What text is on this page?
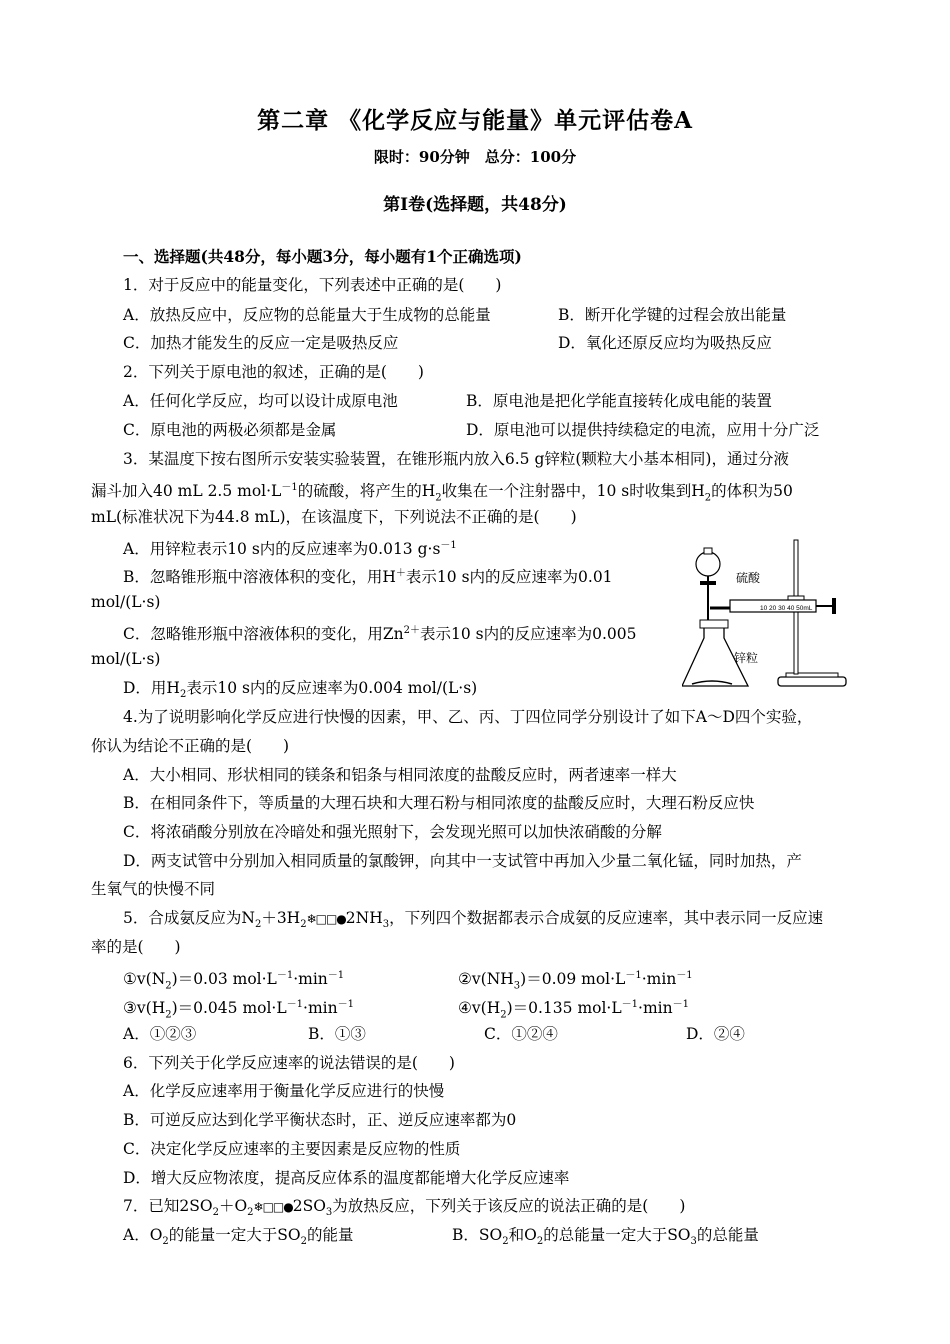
第二章 《化学反应与能量》单元评估卷A
限时：90分钟　总分：100分
第Ⅰ卷(选择题，共48分)
一、选择题(共48分，每小题3分，每小题有1个正确选项)
1．对于反应中的能量变化，下列表述中正确的是(　　)
A．放热反应中，反应物的总能量大于生成物的总能量	B．断开化学键的过程会放出能量
C．加热才能发生的反应一定是吸热反应	D．氧化还原反应均为吸热反应
2．下列关于原电池的叙述，正确的是(　　)
A．任何化学反应，均可以设计成原电池	B．原电池是把化学能直接转化成电能的装置
C．原电池的两极必须都是金属	D．原电池可以提供持续稳定的电流，应用十分广泛
3．某温度下按右图所示安装实验装置，在锥形瓶内放入6.5 g锌粒(颗粒大小基本相同)，通过分液
漏斗加入40 mL 2.5 $mol\cdot L^{-1}$的硫酸，将产生的$H_2$收集在一个注射器中，10 s时收集到$H_2$的体积为50
mL(标准状况下为44.8 mL)，在该温度下，下列说法不正确的是(　　)
A．用锌粒表示10 s内的反应速率为0.013 $g\cdot s^{-1}$
B．忽略锥形瓶中溶液体积的变化，用H＋表示10 s内的反应速率为0.01
mol/(L·s)
C．忽略锥形瓶中溶液体积的变化，用$Zn^{2+}$表示10 s内的反应速率为0.005
mol/(L·s)
D．用$H_2$表示10 s内的反应速率为0.004 mol/(L·s)
10 20 30 40 50mL
硫酸
锌粒
4.为了说明影响化学反应进行快慢的因素，甲、乙、丙、丁四位同学分别设计了如下A～D四个实验，
你认为结论不正确的是(　　)
A．大小相同、形状相同的镁条和铝条与相同浓度的盐酸反应时，两者速率一样大
B．在相同条件下，等质量的大理石块和大理石粉与相同浓度的盐酸反应时，大理石粉反应快
C．将浓硝酸分别放在冷暗处和强光照射下，会发现光照可以加快浓硝酸的分解
D．两支试管中分别加入相同质量的氯酸钾，向其中一支试管中再加入少量二氧化锰，同时加热，产
生氧气的快慢不同
5．合成氨反应为$N_2+3H_2❄□□●2NH_3$，下列四个数据都表示合成氨的反应速率，其中表示同一反应速
率的是(　　)
$①v(N_2)=0.03$ $mol\cdot L^{-1}\cdot\min^{-1}$	$②v(NH_3)=0.09$ $mol\cdot L^{-1}\cdot\min^{-1}$
$③v(H_2)=0.045$ $mol\cdot L^{-1}\cdot\min^{-1}$	$④v(H_2)=0.135$ $mol\cdot L^{-1}\cdot\min^{-1}$
A．①②③	B．①③	C．①②④	D．②④
6．下列关于化学反应速率的说法错误的是(　　)
A．化学反应速率用于衡量化学反应进行的快慢
B．可逆反应达到化学平衡状态时，正、逆反应速率都为0
C．决定化学反应速率的主要因素是反应物的性质
D．增大反应物浓度，提高反应体系的温度都能增大化学反应速率
7．已知$2SO_2+O_2❄□□●2SO_3$为放热反应，下列关于该反应的说法正确的是(　　)
A．$O_2$的能量一定大于$SO_2$的能量	B．$SO_2$和$O_2$的总能量一定大于$SO_3$的总能量
